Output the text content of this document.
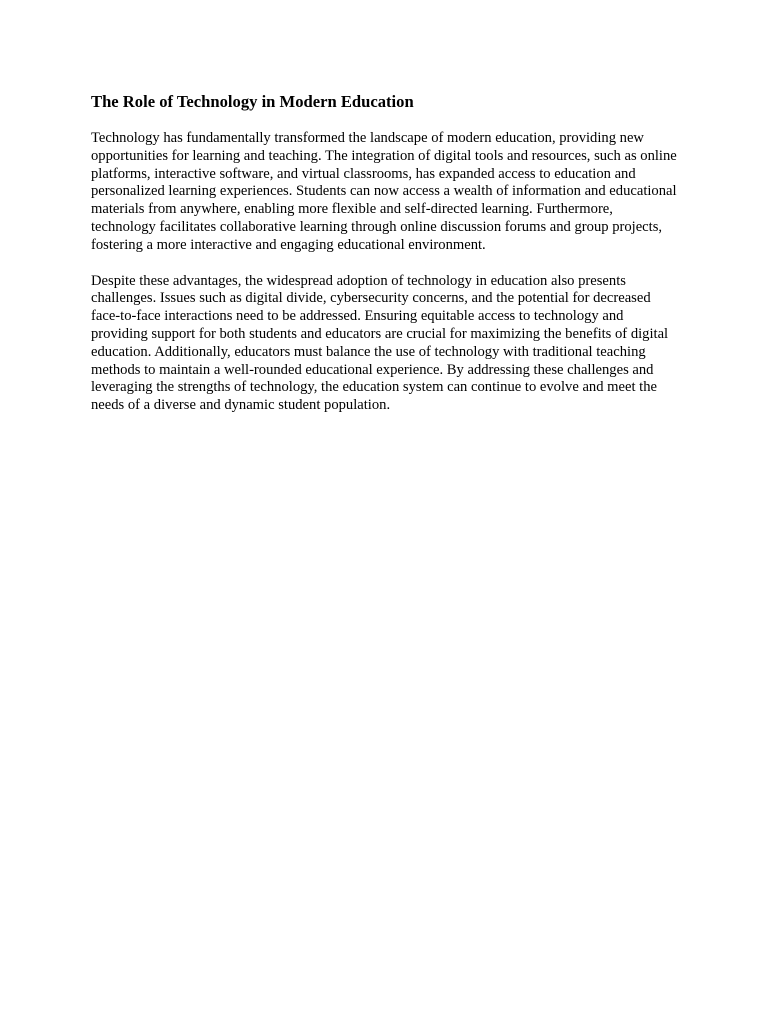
The Role of Technology in Modern Education

Technology has fundamentally transformed the landscape of modern education, providing new opportunities for learning and teaching. The integration of digital tools and resources, such as online platforms, interactive software, and virtual classrooms, has expanded access to education and personalized learning experiences. Students can now access a wealth of information and educational materials from anywhere, enabling more flexible and self-directed learning. Furthermore, technology facilitates collaborative learning through online discussion forums and group projects, fostering a more interactive and engaging educational environment.

Despite these advantages, the widespread adoption of technology in education also presents challenges. Issues such as digital divide, cybersecurity concerns, and the potential for decreased face-to-face interactions need to be addressed. Ensuring equitable access to technology and providing support for both students and educators are crucial for maximizing the benefits of digital education. Additionally, educators must balance the use of technology with traditional teaching methods to maintain a well-rounded educational experience. By addressing these challenges and leveraging the strengths of technology, the education system can continue to evolve and meet the needs of a diverse and dynamic student population.
